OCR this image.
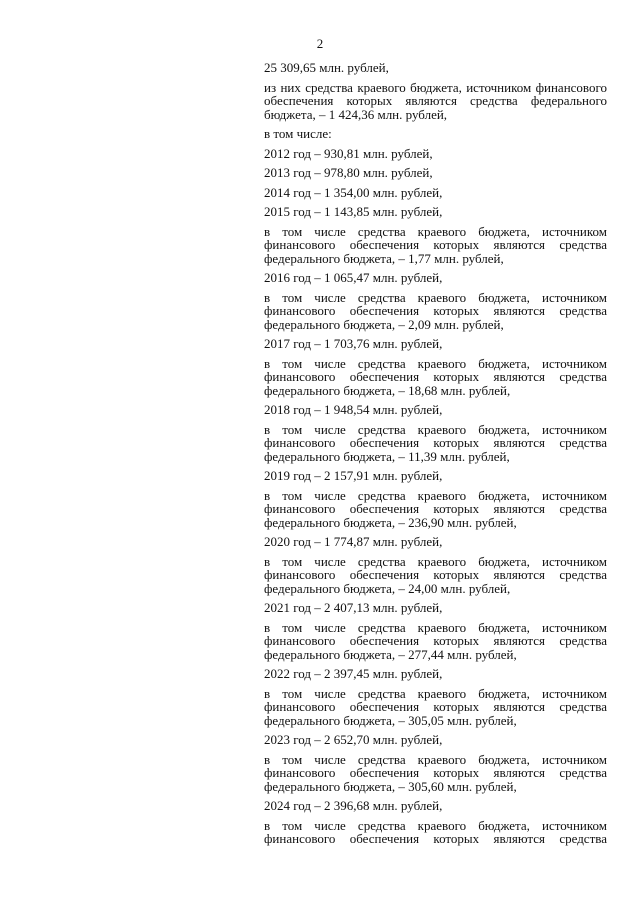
2
25 309,65 млн. рублей,
из них средства краевого бюджета, источником финансового обеспечения которых являются средства федерального бюджета, – 1 424,36 млн. рублей,
в том числе:
2012 год – 930,81 млн. рублей,
2013 год – 978,80 млн. рублей,
2014 год – 1 354,00 млн. рублей,
2015 год – 1 143,85 млн. рублей,
в том числе средства краевого бюджета, источником финансового обеспечения которых являются средства федерального бюджета, – 1,77 млн. рублей,
2016 год – 1 065,47 млн. рублей,
в том числе средства краевого бюджета, источником финансового обеспечения которых являются средства федерального бюджета, – 2,09 млн. рублей,
2017 год – 1 703,76 млн. рублей,
в том числе средства краевого бюджета, источником финансового обеспечения которых являются средства федерального бюджета, – 18,68 млн. рублей,
2018 год – 1 948,54 млн. рублей,
в том числе средства краевого бюджета, источником финансового обеспечения которых являются средства федерального бюджета, – 11,39 млн. рублей,
2019 год – 2 157,91 млн. рублей,
в том числе средства краевого бюджета, источником финансового обеспечения которых являются средства федерального бюджета, – 236,90 млн. рублей,
2020 год – 1 774,87 млн. рублей,
в том числе средства краевого бюджета, источником финансового обеспечения которых являются средства федерального бюджета, – 24,00 млн. рублей,
2021 год – 2 407,13 млн. рублей,
в том числе средства краевого бюджета, источником финансового обеспечения которых являются средства федерального бюджета, – 277,44 млн. рублей,
2022 год – 2 397,45 млн. рублей,
в том числе средства краевого бюджета, источником финансового обеспечения которых являются средства федерального бюджета, – 305,05 млн. рублей,
2023 год – 2 652,70 млн. рублей,
в том числе средства краевого бюджета, источником финансового обеспечения которых являются средства федерального бюджета, – 305,60 млн. рублей,
2024 год – 2 396,68 млн. рублей,
в том числе средства краевого бюджета, источником финансового обеспечения которых являются средства
